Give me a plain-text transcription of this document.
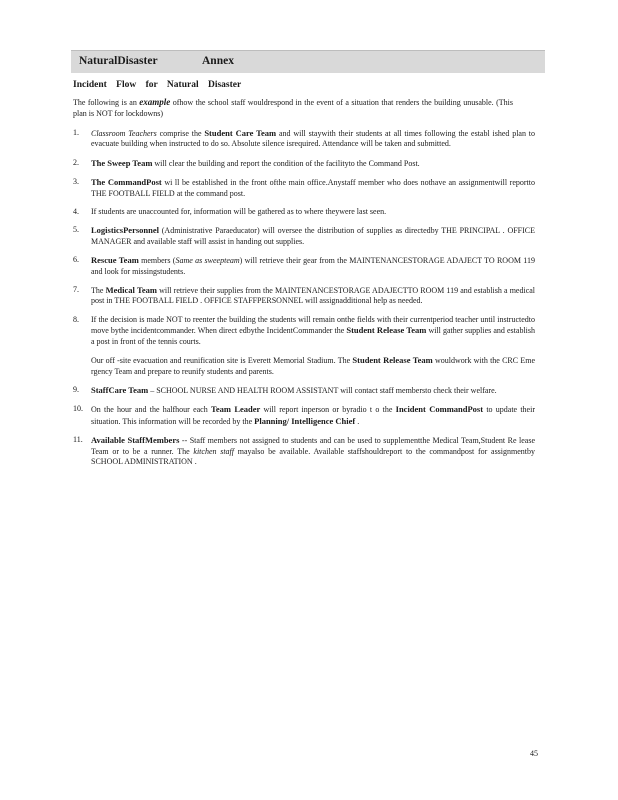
NaturalDisaster	Annex
Incident Flow for Natural Disaster
The following is an example ofhow the school staff wouldrespond in the event of a situation that renders the building unusable. (This plan is NOT for lockdowns)
1.	Classroom Teachers comprise the Student Care Team and will staywith their students at all times following the establ ished plan to evacuate building when instructed to do so. Absolute silence isrequired. Attendance will be taken and submitted.

2.	The Sweep Team will clear the building and report the condition of the facilityto the Command Post.

3.	The CommandPost wi ll be established in the front ofthe main office.Anystaff member who does nothave an assignmentwill reportto THE FOOTBALL FIELD at the command post.

4.	If students are unaccounted for, information will be gathered as to where theywere last seen.

5.	LogisticsPersonnel (Administrative Paraeducator) will oversee the distribution of supplies as directedby THE PRINCIPAL . OFFICE MANAGER and available staff will assist in handing out supplies.

6.	Rescue Team members (Same as sweepteam) will retrieve their gear from the MAINTENANCESTORAGE ADAJECT TO ROOM 119 and look for missingstudents.

7.	The Medical Team will retrieve their supplies from the MAINTENANCESTORAGE ADAJECTTO ROOM 119 and establish a medical post in THE FOOTBALL FIELD . OFFICE STAFFPERSONNEL will assignadditional help as needed.

8.	If the decision is made NOT to reenter the building the students will remain onthe fields with their currentperiod teacher until instructedto move bythe incidentcommander. When direct edbythe IncidentCommander the Student Release Team will gather supplies and establish a post in front of the tennis courts.

Our off -site evacuation and reunification site is Everett Memorial Stadium. The Student Release Team wouldwork with the CRC Eme rgency Team and prepare to reunify students and parents.

9.	StaffCare Team – SCHOOL NURSE AND HEALTH ROOM ASSISTANT will contact staff membersto check their welfare.

10.	On the hour and the halfhour each Team Leader will report inperson or byradio t o the Incident CommandPost to update their situation. This information will be recorded by the Planning/ Intelligence Chief .

11. Available StaffMembers -- Staff members not assigned to students and can be used to supplementthe Medical Team,Student Re lease Team or to be a runner. The kitchen staff mayalso be available. Available staffshouldreport to the commandpost for assignmentby SCHOOL ADMINISTRATION .

45
